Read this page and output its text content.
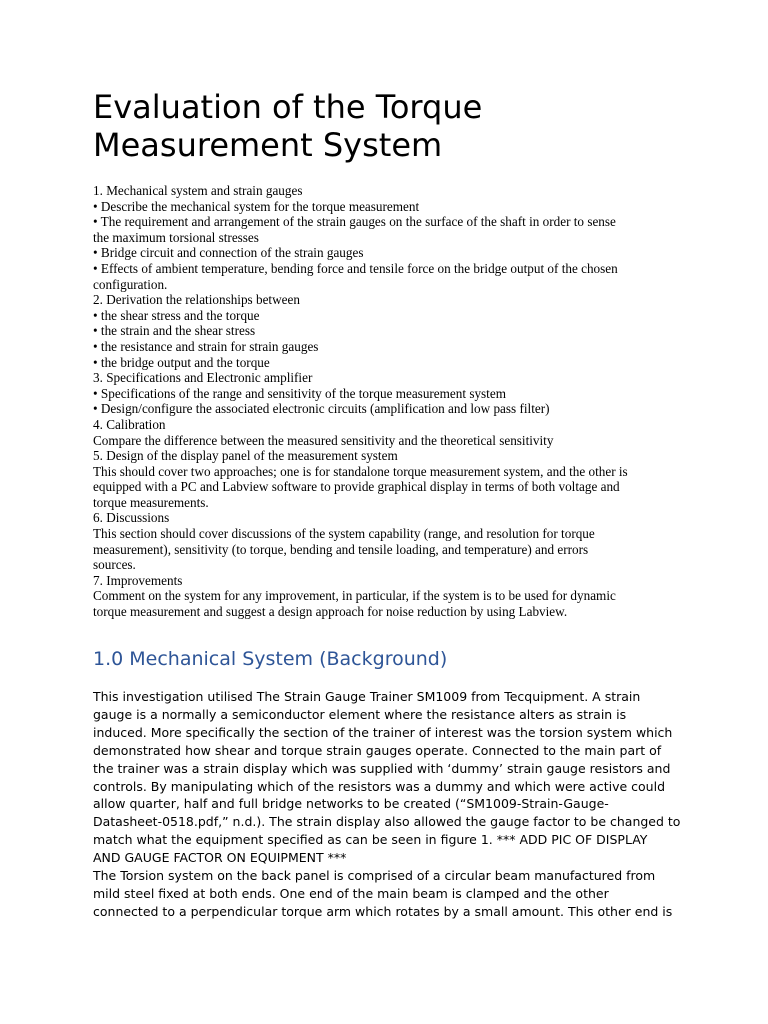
Evaluation of the Torque
Measurement System
1. Mechanical system and strain gauges
• Describe the mechanical system for the torque measurement
• The requirement and arrangement of the strain gauges on the surface of the shaft in order to sense
the maximum torsional stresses
• Bridge circuit and connection of the strain gauges
• Effects of ambient temperature, bending force and tensile force on the bridge output of the chosen
configuration.
2. Derivation the relationships between
• the shear stress and the torque
• the strain and the shear stress
• the resistance and strain for strain gauges
• the bridge output and the torque
3. Specifications and Electronic amplifier
• Specifications of the range and sensitivity of the torque measurement system
• Design/configure the associated electronic circuits (amplification and low pass filter)
4. Calibration
Compare the difference between the measured sensitivity and the theoretical sensitivity
5. Design of the display panel of the measurement system
This should cover two approaches; one is for standalone torque measurement system, and the other is
equipped with a PC and Labview software to provide graphical display in terms of both voltage and
torque measurements.
6. Discussions
This section should cover discussions of the system capability (range, and resolution for torque
measurement), sensitivity (to torque, bending and tensile loading, and temperature) and errors
sources.
7. Improvements
Comment on the system for any improvement, in particular, if the system is to be used for dynamic
torque measurement and suggest a design approach for noise reduction by using Labview.
1.0 Mechanical System (Background)
This investigation utilised The Strain Gauge Trainer SM1009 from Tecquipment. A strain
gauge is a normally a semiconductor element where the resistance alters as strain is
induced. More specifically the section of the trainer of interest was the torsion system which
demonstrated how shear and torque strain gauges operate. Connected to the main part of
the trainer was a strain display which was supplied with ‘dummy’ strain gauge resistors and
controls. By manipulating which of the resistors was a dummy and which were active could
allow quarter, half and full bridge networks to be created (“SM1009-Strain-Gauge-
Datasheet-0518.pdf,” n.d.). The strain display also allowed the gauge factor to be changed to
match what the equipment specified as can be seen in figure 1. *** ADD PIC OF DISPLAY
AND GAUGE FACTOR ON EQUIPMENT ***
The Torsion system on the back panel is comprised of a circular beam manufactured from
mild steel fixed at both ends. One end of the main beam is clamped and the other
connected to a perpendicular torque arm which rotates by a small amount. This other end is
